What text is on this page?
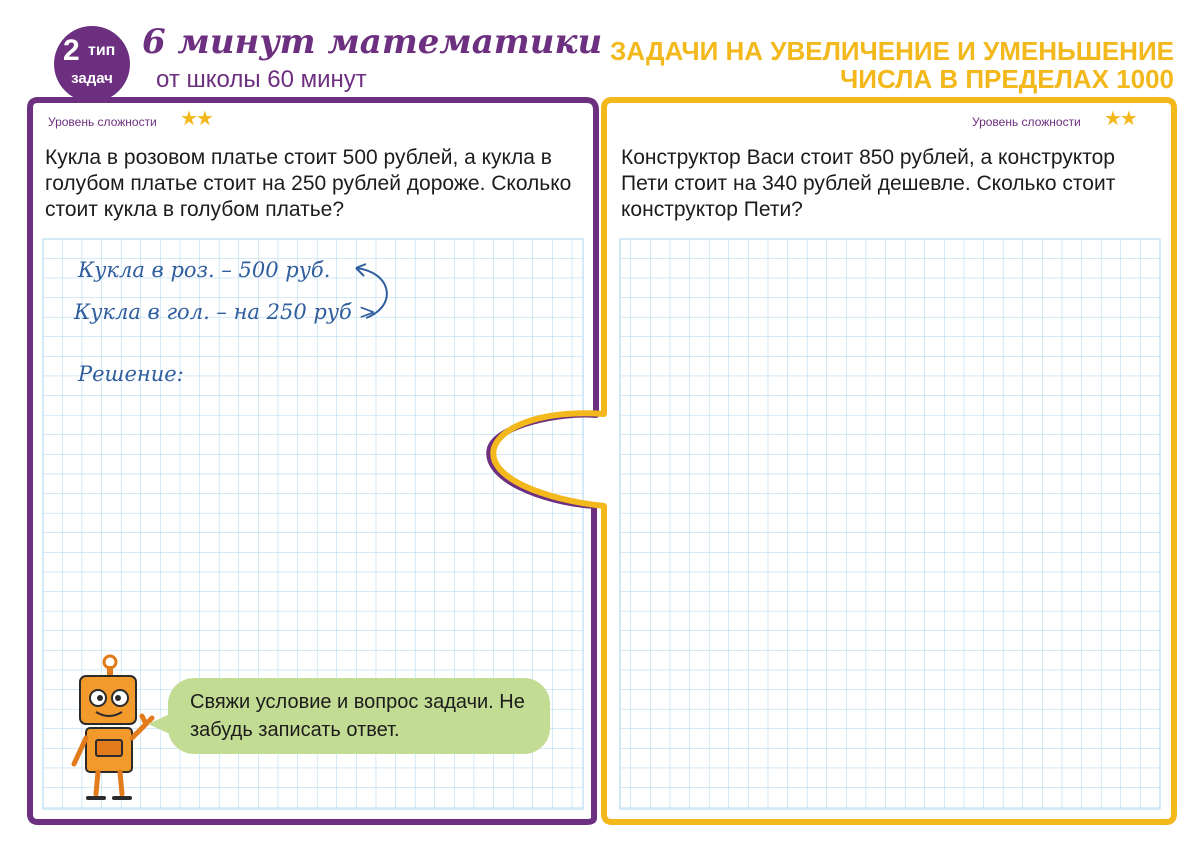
2 тип
задач
6 минут математики
от школы 60 минут
ЗАДАЧИ НА УВЕЛИЧЕНИЕ И УМЕНЬШЕНИЕ
ЧИСЛА В ПРЕДЕЛАХ 1000
Уровень сложности ★★
Кукла в розовом платье стоит 500 рублей, а кукла в голубом платье стоит на 250 рублей дороже. Сколько стоит кукла в голубом платье?
Кукла в роз. – 500 руб.
Кукла в гол. – на 250 руб >
Решение:
Свяжи условие и вопрос задачи. Не забудь записать ответ.
Уровень сложности ★★
Конструктор Васи стоит 850 рублей, а конструктор Пети стоит на 340 рублей дешевле. Сколько стоит конструктор Пети?
